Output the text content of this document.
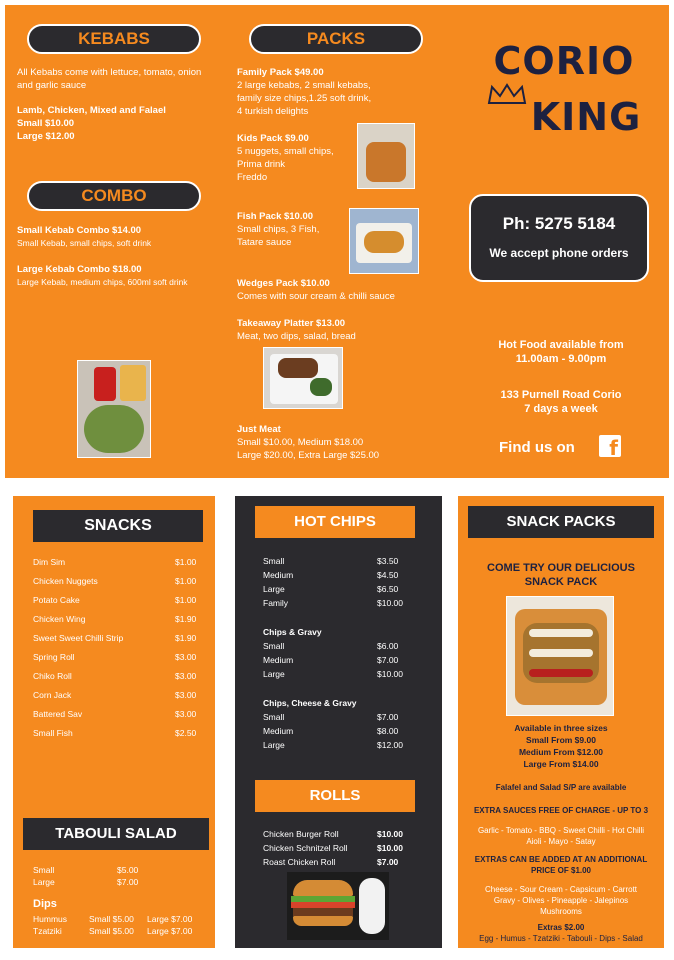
KEBABS
All Kebabs come with lettuce, tomato, onion and garlic sauce
Lamb, Chicken, Mixed and Falael
Small $10.00
Large $12.00
COMBO
Small Kebab Combo $14.00
Small Kebab, small chips, soft drink
Large Kebab Combo $18.00
Large Kebab, medium chips, 600ml soft drink
PACKS
Family Pack $49.00
2 large kebabs, 2 small kebabs,
family size chips,1.25 soft drink,
4 turkish delights
Kids Pack $9.00
5 nuggets, small chips,
Prima drink
Freddo
Fish Pack $10.00
Small chips, 3 Fish,
Tatare sauce
Wedges Pack $10.00
Comes with sour cream & chilli sauce
Takeaway Platter $13.00
Meat, two dips, salad, bread
Just Meat
Small $10.00, Medium $18.00
Large $20.00, Extra Large $25.00
CORIO
KING
Ph: 5275 5184
We accept phone orders
Hot Food available from
11.00am - 9.00pm
133 Purnell Road Corio
7 days a week
Find us on f
SNACKS
Dim Sim	$1.00
Chicken Nuggets	$1.00
Potato Cake	$1.00
Chicken Wing	$1.90
Sweet Sweet Chilli Strip	$1.90
Spring Roll	$3.00
Chiko Roll	$3.00
Corn Jack	$3.00
Battered Sav	$3.00
Small Fish	$2.50
TABOULI SALAD
Small	$5.00
Large	$7.00
Dips
Hummus	Small $5.00 Large $7.00
Tzatziki	Small $5.00 Large $7.00
HOT CHIPS
Small	$3.50
Medium	$4.50
Large	$6.50
Family	$10.00
Chips & Gravy
Small	$6.00
Medium	$7.00
Large	$10.00
Chips, Cheese & Gravy
Small	$7.00
Medium	$8.00
Large	$12.00
ROLLS
Chicken Burger Roll	$10.00
Chicken Schnitzel Roll	$10.00
Roast Chicken Roll	$7.00
SNACK PACKS
COME TRY OUR DELICIOUS
SNACK PACK
Available in three sizes
Small From $9.00
Medium From $12.00
Large From $14.00
Falafel and Salad S/P are available
EXTRA SAUCES FREE OF CHARGE - UP TO 3
Garlic - Tomato - BBQ - Sweet Chilli - Hot Chilli
Aioli - Mayo - Satay
EXTRAS CAN BE ADDED AT AN ADDITIONAL
PRICE OF $1.00
Cheese - Sour Cream - Capsicum - Carrott
Gravy - Olives - Pineapple - Jalepinos
Mushrooms
Extras $2.00
Egg - Humus - Tzatziki - Tabouli - Dips - Salad
